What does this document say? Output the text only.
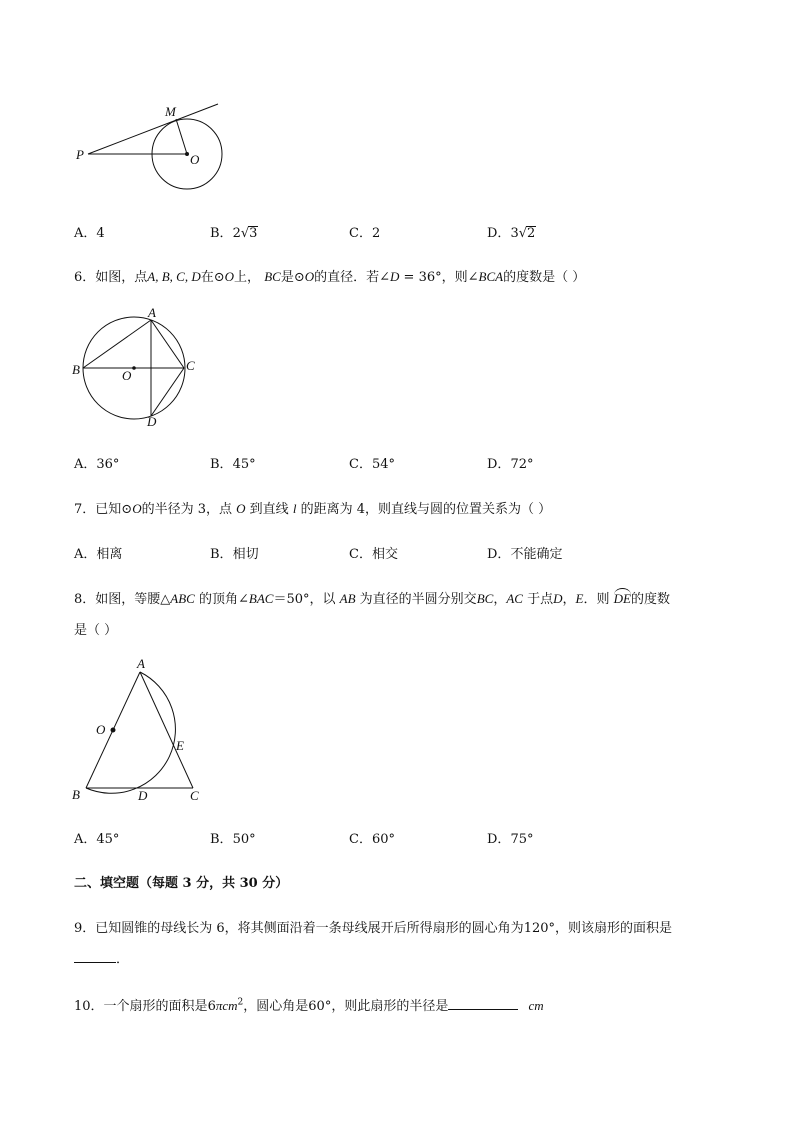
M
P	O
A．4	B．2√3	C．2	D．3√2
6．如图，点A, B, C, D在⊙O上， BC是⊙O的直径．若∠D = 36°，则∠BCA的度数是（ ）
A
B	O
C
D
A．36°	B．45°	C．54°	D．72°
7．已知⊙O的半径为 3，点 O 到直线 l 的距离为 4，则直线与圆的位置关系为（ ）
A．相离	B．相切	C．相交	D．不能确定
8．如图，等腰△ABC 的顶角∠BAC＝50°，以 AB 为直径的半圆分别交BC，AC 于点D，E．则 DE的度数
是（ ）
A
O
E
B	D	C
A．45°	B．50°	C．60°	D．75°
二、填空题（每题 3 分，共 30 分）
9．已知圆锥的母线长为 6，将其侧面沿着一条母线展开后所得扇形的圆心角为120°，则该扇形的面积是
．
10．一个扇形的面积是6πcm$^2$，圆心角是60°，则此扇形的半径是	cm
